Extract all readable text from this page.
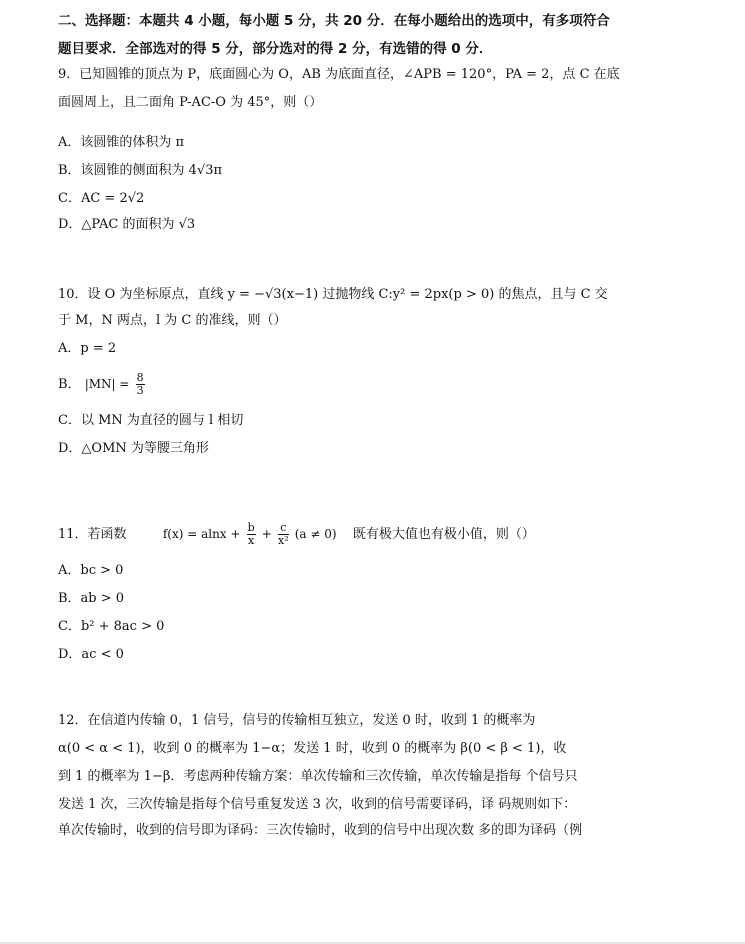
二、选择题：本题共 4 小题，每小题 5 分，共 20 分．在每小题给出的选项中，有多项符合
题目要求．全部选对的得 5 分，部分选对的得 2 分，有选错的得 0 分．
9．已知圆锥的顶点为 P，底面圆心为 O，AB 为底面直径，∠APB = 120°，PA = 2，点 C 在底
面圆周上，且二面角 P-AC-O 为 45°，则（）
A．该圆锥的体积为 π
B．该圆锥的侧面积为 4√3π
C．AC = 2√2
D．△PAC 的面积为 √3
10．设 O 为坐标原点，直线 y = −√3(x−1) 过抛物线 C:y² = 2px(p > 0) 的焦点，且与 C 交
于 M，N 两点，l 为 C 的准线，则（）
A．p = 2
B． $|MN| = \frac{8}{3}$
C．以 MN 为直径的圆与 l 相切
D．△OMN 为等腰三角形
11．若函数	$f(x) = alnx + \frac{b}{x} + \frac{c}{\text{x²}} (a \ne 0)$ 既有极大值也有极小值，则（）
A．bc > 0
B．ab > 0
C．b² + 8ac > 0
D．ac < 0
12．在信道内传输 0，1 信号，信号的传输相互独立，发送 0 时，收到 1 的概率为
α(0 < α < 1)，收到 0 的概率为 1−α；发送 1 时，收到 0 的概率为 β(0 < β < 1)，收
到 1 的概率为 1−β．考虑两种传输方案：单次传输和三次传输，单次传输是指每 个信号只
发送 1 次，三次传输是指每个信号重复发送 3 次，收到的信号需要译码，译 码规则如下：
单次传输时，收到的信号即为译码：三次传输时，收到的信号中出现次数 多的即为译码（例
